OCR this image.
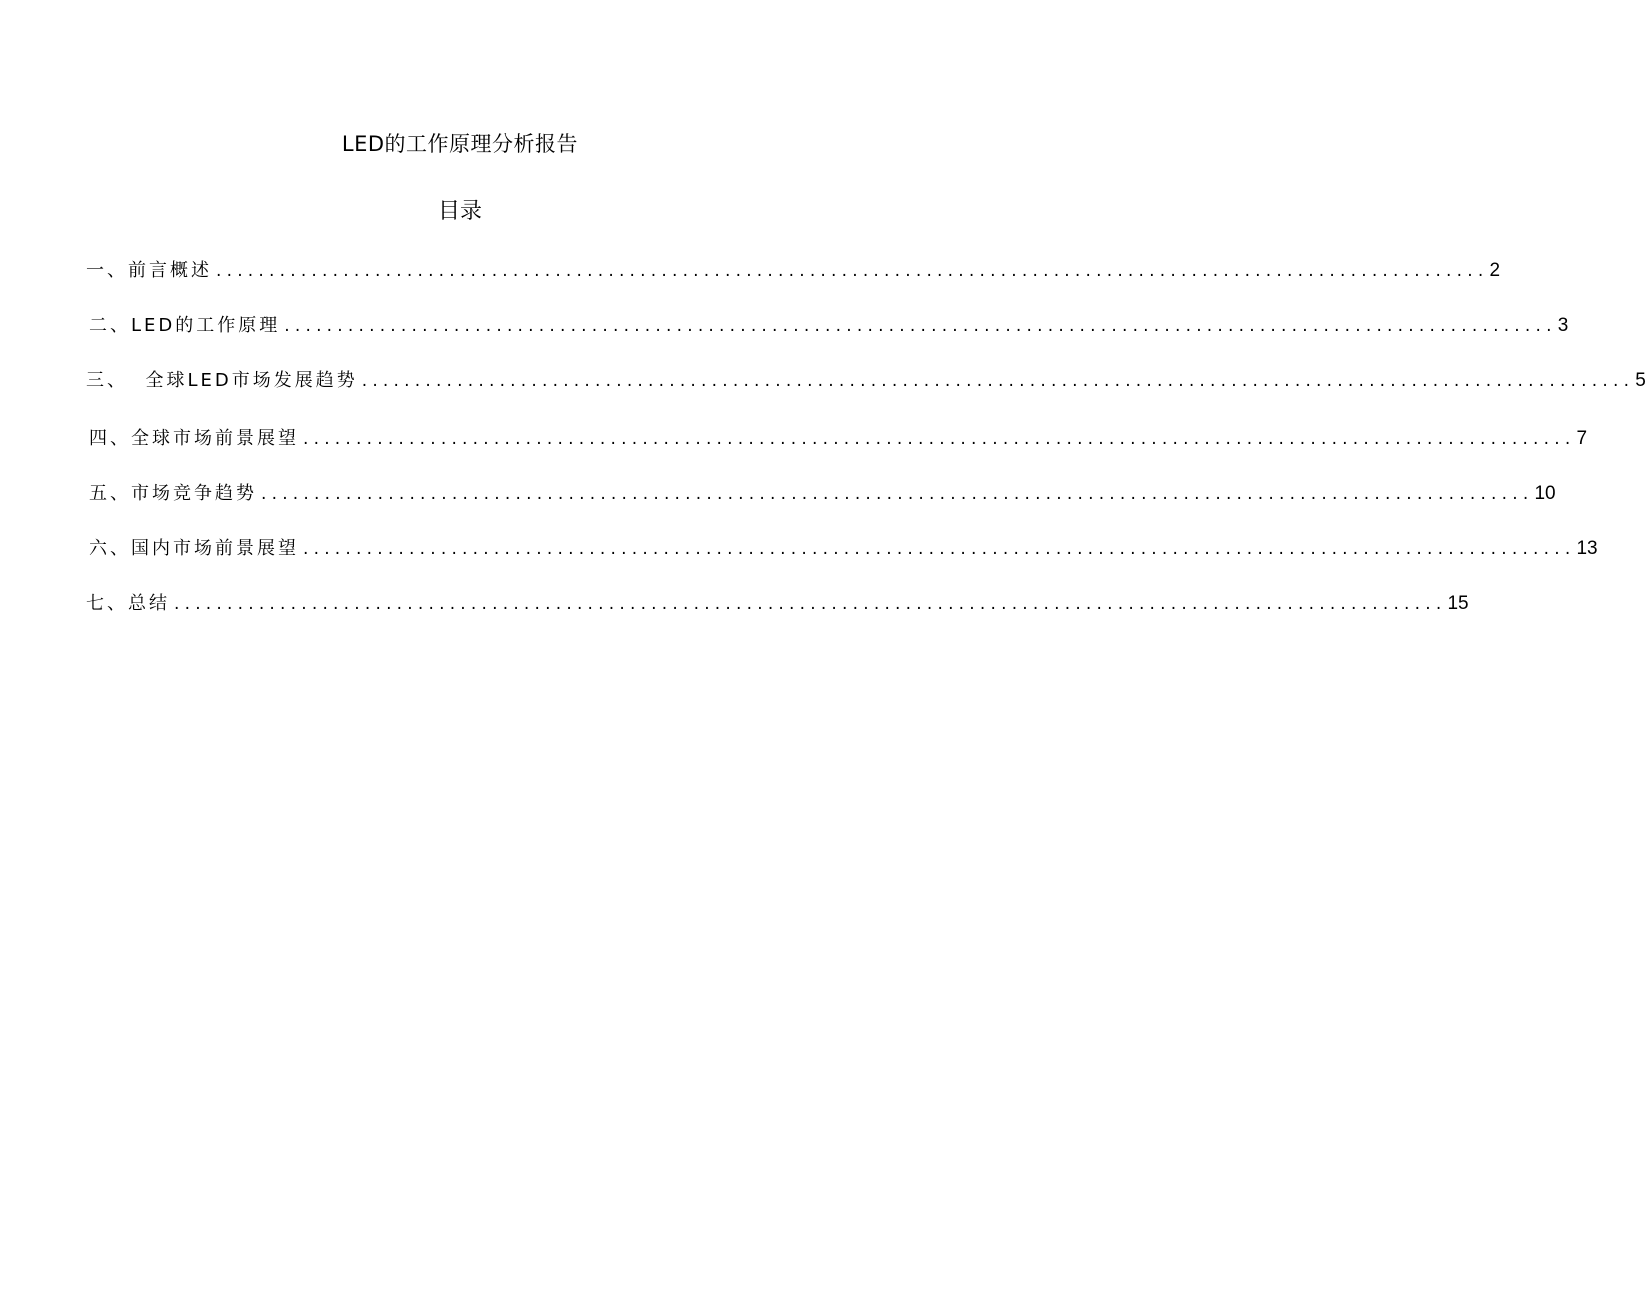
LED的工作原理分析报告
目录
一、前言概述 ........................................................................................................................ 2
二、LED的工作原理 ........................................................................................................................ 3
三、  全球LED市场发展趋势 ........................................................................................................................ 5
四、全球市场前景展望 ........................................................................................................................ 7
五、市场竞争趋势 ........................................................................................................................ 10
六、国内市场前景展望 ........................................................................................................................ 13
七、总结 ........................................................................................................................ 15
